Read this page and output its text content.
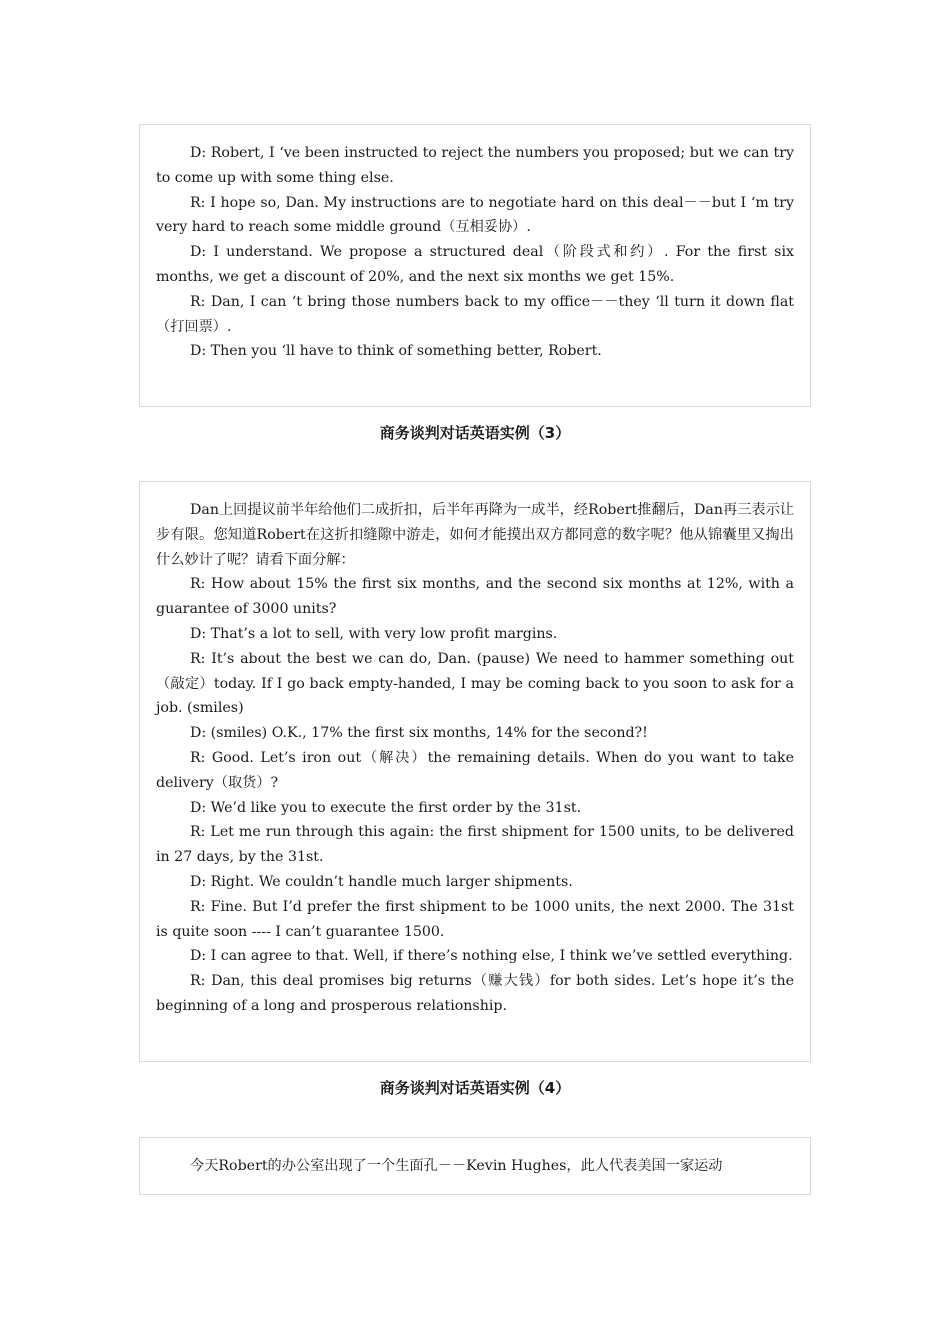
D: Robert, I ‘ve been instructed to reject the numbers you proposed; but we can try to come up with some thing else.

R: I hope so, Dan. My instructions are to negotiate hard on this deal－－but I ‘m try very hard to reach some middle ground（互相妥协）.

D: I understand. We propose a structured deal（阶段式和约）. For the first six months, we get a discount of 20%, and the next six months we get 15%.

R: Dan, I can ‘t bring those numbers back to my office－－they ‘ll turn it down flat（打回票）.

D: Then you ‘ll have to think of something better, Robert.

商务谈判对话英语实例（3）

Dan上回提议前半年给他们二成折扣，后半年再降为一成半，经Robert推翻后，Dan再三表示让步有限。您知道Robert在这折扣缝隙中游走，如何才能摸出双方都同意的数字呢？他从锦囊里又掏出什么妙计了呢？请看下面分解：

R: How about 15% the first six months, and the second six months at 12%, with a guarantee of 3000 units?

D: That’s a lot to sell, with very low profit margins.

R: It’s about the best we can do, Dan. (pause) We need to hammer something out （敲定）today. If I go back empty-handed, I may be coming back to you soon to ask for a job. (smiles)

D: (smiles) O.K., 17% the first six months, 14% for the second?!

R: Good. Let’s iron out（解决）the remaining details. When do you want to take delivery（取货）?

D: We’d like you to execute the first order by the 31st.

R: Let me run through this again: the first shipment for 1500 units, to be delivered in 27 days, by the 31st.

D: Right. We couldn’t handle much larger shipments.

R: Fine. But I’d prefer the first shipment to be 1000 units, the next 2000. The 31st is quite soon ---- I can’t guarantee 1500.

D: I can agree to that. Well, if there’s nothing else, I think we’ve settled everything.

R: Dan, this deal promises big returns（赚大钱）for both sides. Let’s hope it’s the beginning of a long and prosperous relationship.

商务谈判对话英语实例（4）

今天Robert的办公室出现了一个生面孔－－Kevin Hughes，此人代表美国一家运动
